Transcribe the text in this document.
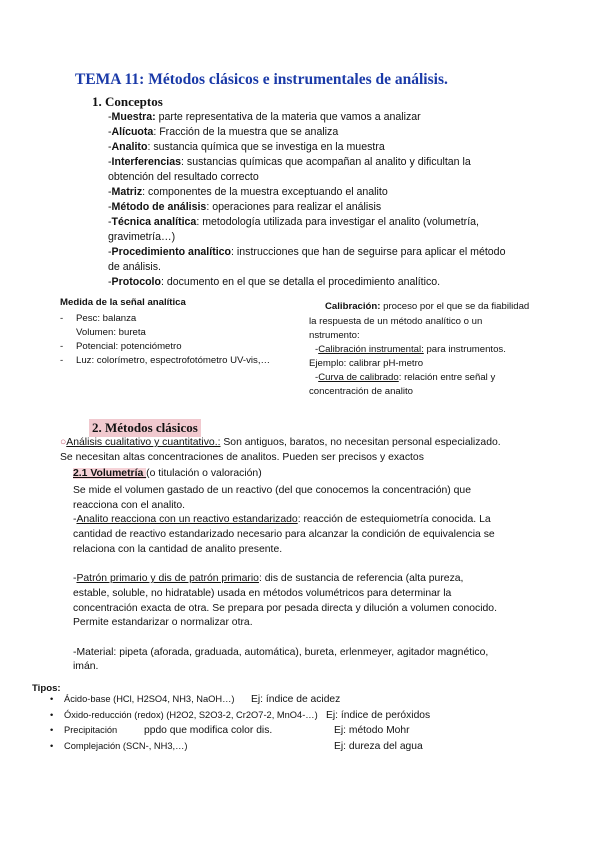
TEMA 11: Métodos clásicos e instrumentales de análisis.
1. Conceptos
-Muestra: parte representativa de la materia que vamos a analizar
-Alícuota: Fracción de la muestra que se analiza
-Analito: sustancia química que se investiga en la muestra
-Interferencias: sustancias químicas que acompañan al analito y dificultan la
obtención del resultado correcto
-Matriz: componentes de la muestra exceptuando el analito
-Método de análisis: operaciones para realizar el análisis
-Técnica analítica: metodología utilizada para investigar el analito (volumetría,
gravimetría…)
-Procedimiento analítico: instrucciones que han de seguirse para aplicar el método
de análisis.
-Protocolo: documento en el que se detalla el procedimiento analítico.
Medida de la señal analítica
- Pesc: balanza
Volumen: bureta
- Potencial: potenciómetro
- Luz: colorímetro, espectrofotómetro UV-vis,…
Calibración: proceso por el que se da fiabilidad
la respuesta de un método analítico o un
nstrumento:
-Calibración instrumental: para instrumentos.
Ejemplo: calibrar pH-metro
-Curva de calibrado: relación entre señal y
concentración de analito
2. Métodos clásicos
○Análisis cualitativo y cuantitativo.: Son antiguos, baratos, no necesitan personal especializado.
Se necesitan altas concentraciones de analitos. Pueden ser precisos y exactos
2.1 Volumetría (o titulación o valoración)
Se mide el volumen gastado de un reactivo (del que conocemos la concentración) que
reacciona con el analito.
-Analito reacciona con un reactivo estandarizado: reacción de estequiometría conocida. La
cantidad de reactivo estandarizado necesario para alcanzar la condición de equivalencia se
relaciona con la cantidad de analito presente.
-Patrón primario y dis de patrón primario: dis de sustancia de referencia (alta pureza,
estable, soluble, no hidratable) usada en métodos volumétricos para determinar la
concentración exacta de otra. Se prepara por pesada directa y dilución a volumen conocido.
Permite estandarizar o normalizar otra.
-Material: pipeta (aforada, graduada, automática), bureta, erlenmeyer, agitador magnético,
imán.
Tipos:
• Ácido-base (HCl, H2SO4, NH3, NaOH…) Ej: índice de acidez
• Óxido-reducción (redox) (H2O2, S2O3-2, Cr2O7-2, MnO4-…) Ej: índice de peróxidos
• Precipitación	ppdo que modifica color dis.	Ej: método Mohr
• Complejación (SCN-, NH3,…)	Ej: dureza del agua
